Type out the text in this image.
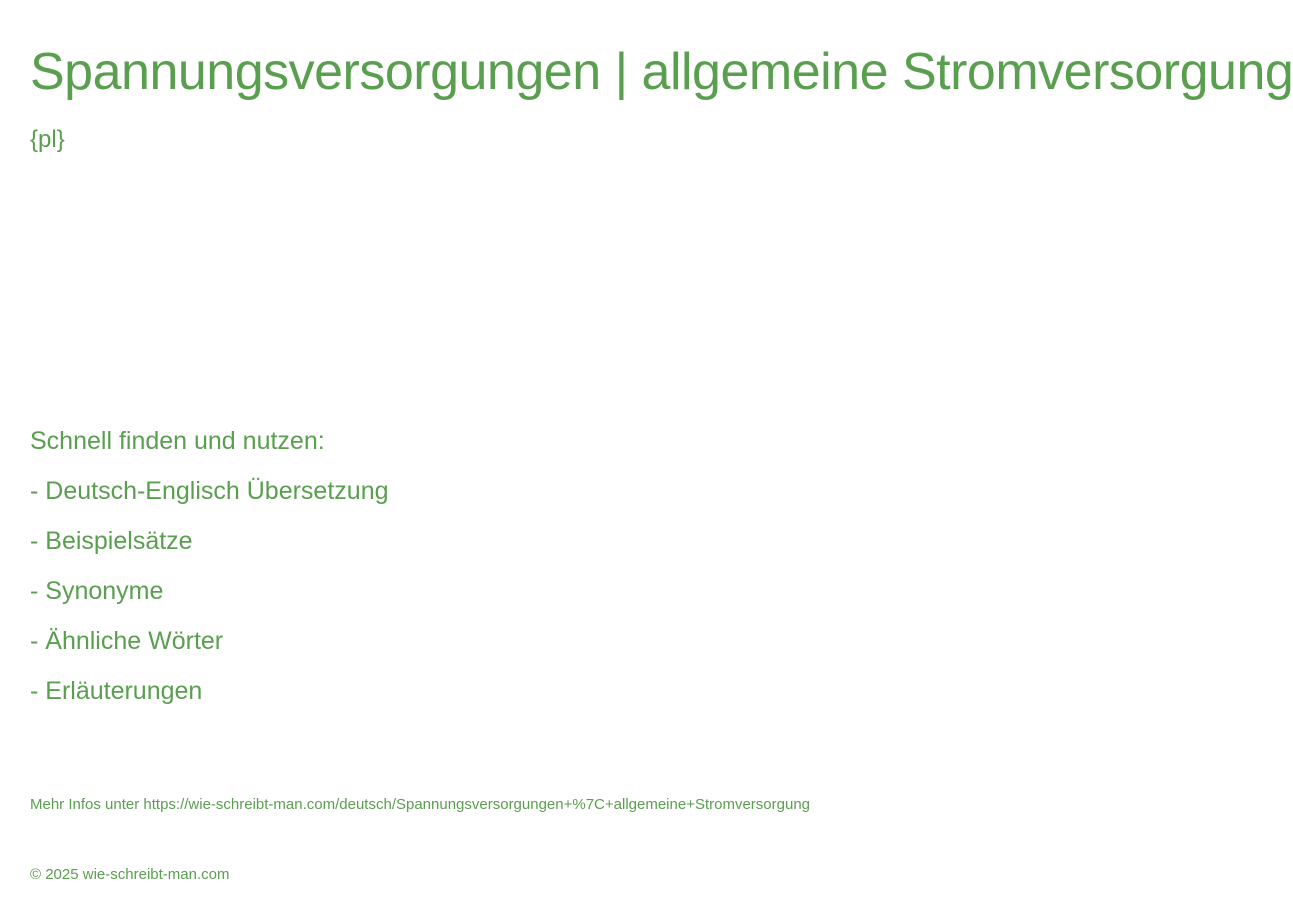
Spannungsversorgungen | allgemeine Stromversorgung
{pl}
Schnell finden und nutzen:
- Deutsch-Englisch Übersetzung
- Beispielsätze
- Synonyme
- Ähnliche Wörter
- Erläuterungen
Mehr Infos unter https://wie-schreibt-man.com/deutsch/Spannungsversorgungen+%7C+allgemeine+Stromversorgung
© 2025 wie-schreibt-man.com
